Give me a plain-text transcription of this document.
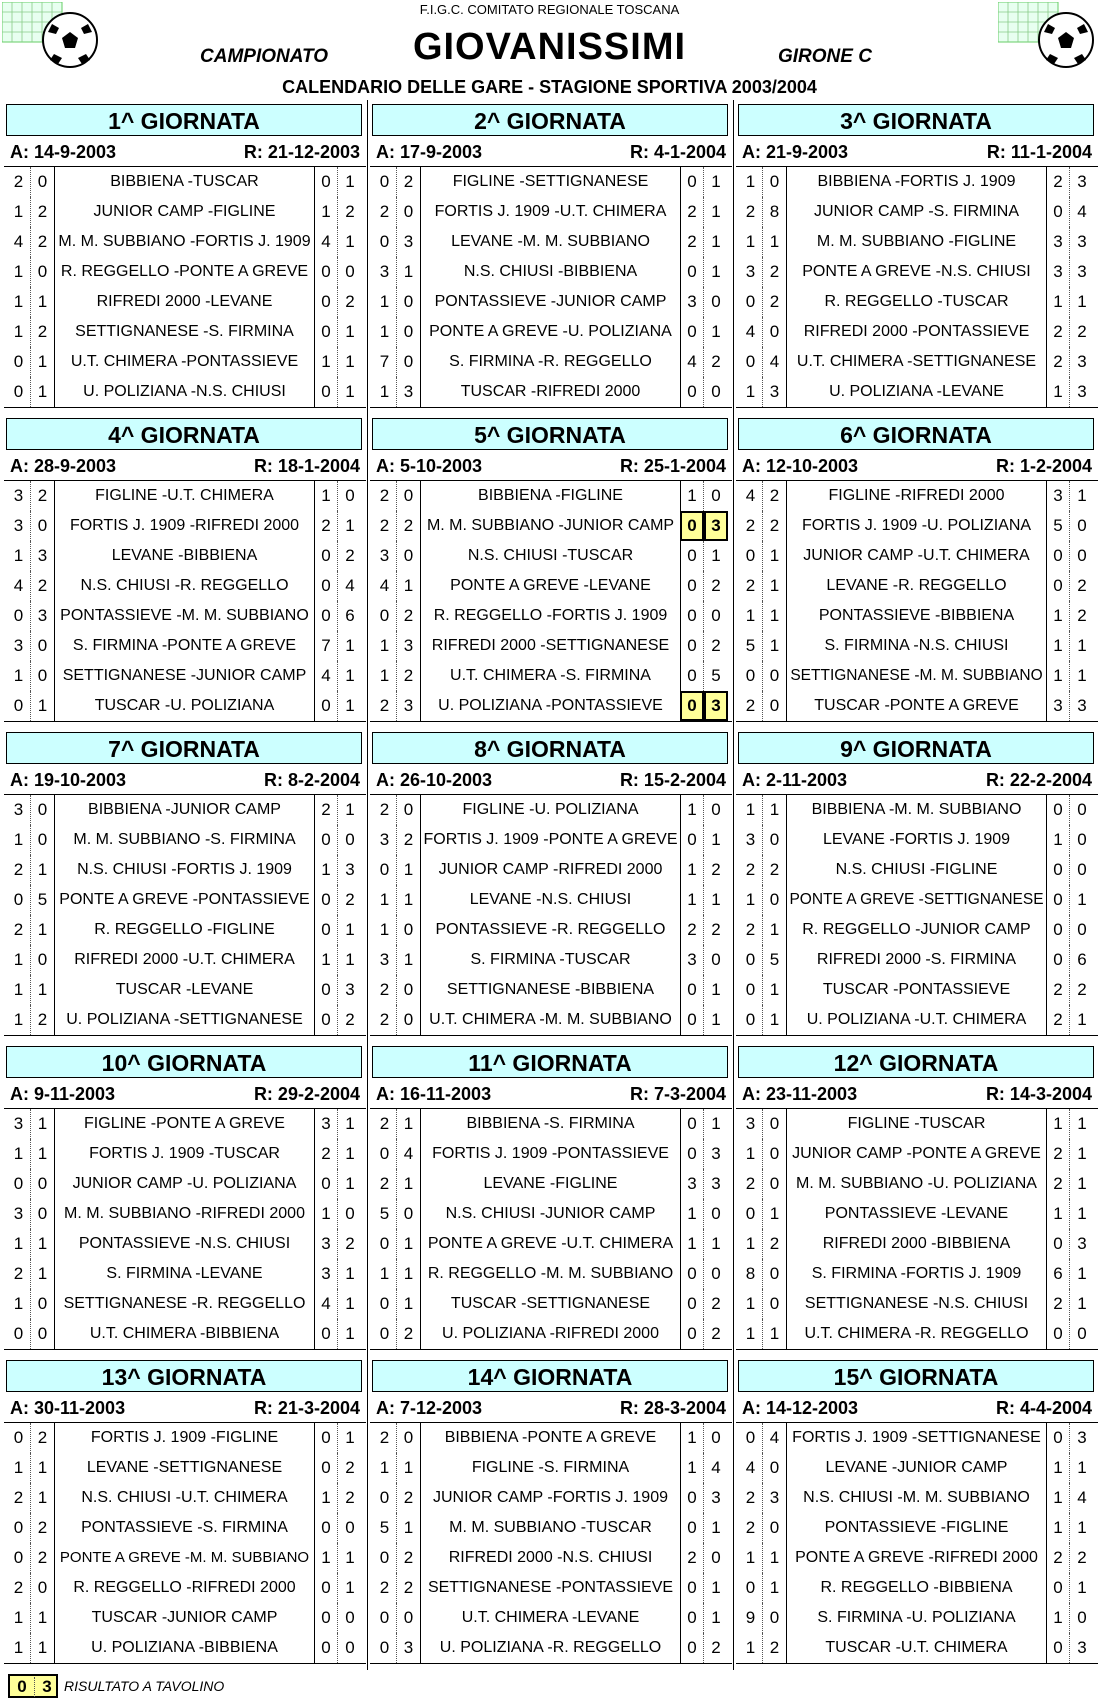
F.I.G.C. COMITATO REGIONALE TOSCANA
GIOVANISSIMI
CAMPIONATO	GIRONE C
CALENDARIO DELLE GARE - STAGIONE SPORTIVA 2003/2004
1^ GIORNATA
A: 14-9-2003	R: 21-12-2003
2 0	BIBBIENA -TUSCAR	0 1
1 2	JUNIOR CAMP -FIGLINE	1 2
4 2 M. M. SUBBIANO -FORTIS J. 1909 4 1
1 0 R. REGGELLO -PONTE A GREVE 0 0
1 1	RIFREDI 2000 -LEVANE	0 2
1 2	SETTIGNANESE -S. FIRMINA	0 1
0 1	U.T. CHIMERA -PONTASSIEVE	1 1
0 1	U. POLIZIANA -N.S. CHIUSI	0 1
2^ GIORNATA
A: 17-9-2003	R: 4-1-2004
0 2	FIGLINE -SETTIGNANESE	0 1
2 0	FORTIS J. 1909 -U.T. CHIMERA	2 1
0 3	LEVANE -M. M. SUBBIANO	2 1
3 1	N.S. CHIUSI -BIBBIENA	0 1
1 0	PONTASSIEVE -JUNIOR CAMP	3 0
1 0 PONTE A GREVE -U. POLIZIANA 0 1
7 0	S. FIRMINA -R. REGGELLO	4 2
1 3	TUSCAR -RIFREDI 2000	0 0
3^ GIORNATA
A: 21-9-2003	R: 11-1-2004
1 0	BIBBIENA -FORTIS J. 1909	2 3
2 8	JUNIOR CAMP -S. FIRMINA	0 4
1 1	M. M. SUBBIANO -FIGLINE	3 3
3 2	PONTE A GREVE -N.S. CHIUSI	3 3
0 2	R. REGGELLO -TUSCAR	1 1
4 0	RIFREDI 2000 -PONTASSIEVE	2 2
0 4	U.T. CHIMERA -SETTIGNANESE	2 3
1 3	U. POLIZIANA -LEVANE	1 3
4^ GIORNATA
A: 28-9-2003	R: 18-1-2004
3 2	FIGLINE -U.T. CHIMERA	1 0
3 0	FORTIS J. 1909 -RIFREDI 2000	2 1
1 3	LEVANE -BIBBIENA	0 2
4 2	N.S. CHIUSI -R. REGGELLO	0 4
0 3 PONTASSIEVE -M. M. SUBBIANO 0 6
3 0	S. FIRMINA -PONTE A GREVE	7 1
1 0 SETTIGNANESE -JUNIOR CAMP 4 1
0 1	TUSCAR -U. POLIZIANA	0 1
5^ GIORNATA
A: 5-10-2003	R: 25-1-2004
2 0	BIBBIENA -FIGLINE	1 0
2 2 M. M. SUBBIANO -JUNIOR CAMP 0 3
3 0	N.S. CHIUSI -TUSCAR	0 1
4 1	PONTE A GREVE -LEVANE	0 2
0 2	R. REGGELLO -FORTIS J. 1909	0 0
1 3	RIFREDI 2000 -SETTIGNANESE	0 2
1 2	U.T. CHIMERA -S. FIRMINA	0 5
2 3	U. POLIZIANA -PONTASSIEVE	0 3
6^ GIORNATA
A: 12-10-2003	R: 1-2-2004
4 2	FIGLINE -RIFREDI 2000	3 1
2 2	FORTIS J. 1909 -U. POLIZIANA	5 0
0 1	JUNIOR CAMP -U.T. CHIMERA	0 0
2 1	LEVANE -R. REGGELLO	0 2
1 1	PONTASSIEVE -BIBBIENA	1 2
5 1	S. FIRMINA -N.S. CHIUSI	1 1
0 0 SETTIGNANESE -M. M. SUBBIANO 1 1
2 0	TUSCAR -PONTE A GREVE	3 3
7^ GIORNATA
A: 19-10-2003	R: 8-2-2004
3 0	BIBBIENA -JUNIOR CAMP	2 1
1 0	M. M. SUBBIANO -S. FIRMINA	0 0
2 1	N.S. CHIUSI -FORTIS J. 1909	1 3
0 5 PONTE A GREVE -PONTASSIEVE 0 2
2 1	R. REGGELLO -FIGLINE	0 1
1 0	RIFREDI 2000 -U.T. CHIMERA	1 1
1 1	TUSCAR -LEVANE	0 3
1 2	U. POLIZIANA -SETTIGNANESE	0 2
8^ GIORNATA
A: 26-10-2003	R: 15-2-2004
2 0	FIGLINE -U. POLIZIANA	1 0
3 2 FORTIS J. 1909 -PONTE A GREVE 0 1
0 1	JUNIOR CAMP -RIFREDI 2000	1 2
1 1	LEVANE -N.S. CHIUSI	1 1
1 0	PONTASSIEVE -R. REGGELLO	2 2
3 1	S. FIRMINA -TUSCAR	3 0
2 0	SETTIGNANESE -BIBBIENA	0 1
2 0 U.T. CHIMERA -M. M. SUBBIANO 0 1
9^ GIORNATA
A: 2-11-2003	R: 22-2-2004
1 1	BIBBIENA -M. M. SUBBIANO	0 0
3 0	LEVANE -FORTIS J. 1909	1 0
2 2	N.S. CHIUSI -FIGLINE	0 0
1 0 PONTE A GREVE -SETTIGNANESE 0 1
2 1	R. REGGELLO -JUNIOR CAMP	0 0
0 5	RIFREDI 2000 -S. FIRMINA	0 6
0 1	TUSCAR -PONTASSIEVE	2 2
0 1	U. POLIZIANA -U.T. CHIMERA	2 1
10^ GIORNATA
A: 9-11-2003	R: 29-2-2004
3 1	FIGLINE -PONTE A GREVE	3 1
1 1	FORTIS J. 1909 -TUSCAR	2 1
0 0	JUNIOR CAMP -U. POLIZIANA	0 1
3 0	M. M. SUBBIANO -RIFREDI 2000 1 0
1 1	PONTASSIEVE -N.S. CHIUSI	3 2
2 1	S. FIRMINA -LEVANE	3 1
1 0	SETTIGNANESE -R. REGGELLO 4 1
0 0	U.T. CHIMERA -BIBBIENA	0 1
11^ GIORNATA
A: 16-11-2003	R: 7-3-2004
2 1	BIBBIENA -S. FIRMINA	0 1
0 4	FORTIS J. 1909 -PONTASSIEVE	0 3
2 1	LEVANE -FIGLINE	3 3
5 0	N.S. CHIUSI -JUNIOR CAMP	1 0
0 1 PONTE A GREVE -U.T. CHIMERA 1 1
1 1 R. REGGELLO -M. M. SUBBIANO 0 0
0 1	TUSCAR -SETTIGNANESE	0 2
0 2	U. POLIZIANA -RIFREDI 2000	0 2
12^ GIORNATA
A: 23-11-2003	R: 14-3-2004
3 0	FIGLINE -TUSCAR	1 1
1 0 JUNIOR CAMP -PONTE A GREVE 2 1
2 0	M. M. SUBBIANO -U. POLIZIANA 2 1
0 1	PONTASSIEVE -LEVANE	1 1
1 2	RIFREDI 2000 -BIBBIENA	0 3
8 0	S. FIRMINA -FORTIS J. 1909	6 1
1 0	SETTIGNANESE -N.S. CHIUSI	2 1
1 1	U.T. CHIMERA -R. REGGELLO	0 0
13^ GIORNATA
A: 30-11-2003	R: 21-3-2004
0 2	FORTIS J. 1909 -FIGLINE	0 1
1 1	LEVANE -SETTIGNANESE	0 2
2 1	N.S. CHIUSI -U.T. CHIMERA	1 2
0 2	PONTASSIEVE -S. FIRMINA	0 0
0 2 PONTE A GREVE -M. M. SUBBIANO 1 1
2 0	R. REGGELLO -RIFREDI 2000	0 1
1 1	TUSCAR -JUNIOR CAMP	0 0
1 1	U. POLIZIANA -BIBBIENA	0 0
14^ GIORNATA
A: 7-12-2003	R: 28-3-2004
2 0	BIBBIENA -PONTE A GREVE	1 0
1 1	FIGLINE -S. FIRMINA	1 4
0 2	JUNIOR CAMP -FORTIS J. 1909	0 3
5 1	M. M. SUBBIANO -TUSCAR	0 1
0 2	RIFREDI 2000 -N.S. CHIUSI	2 0
2 2 SETTIGNANESE -PONTASSIEVE 0 1
0 0	U.T. CHIMERA -LEVANE	0 1
0 3	U. POLIZIANA -R. REGGELLO	0 2
15^ GIORNATA
A: 14-12-2003	R: 4-4-2004
0 4 FORTIS J. 1909 -SETTIGNANESE 0 3
4 0	LEVANE -JUNIOR CAMP	1 1
2 3	N.S. CHIUSI -M. M. SUBBIANO	1 4
2 0	PONTASSIEVE -FIGLINE	1 1
1 1 PONTE A GREVE -RIFREDI 2000 2 2
0 1	R. REGGELLO -BIBBIENA	0 1
9 0	S. FIRMINA -U. POLIZIANA	1 0
1 2	TUSCAR -U.T. CHIMERA	0 3
0 3 RISULTATO A TAVOLINO
